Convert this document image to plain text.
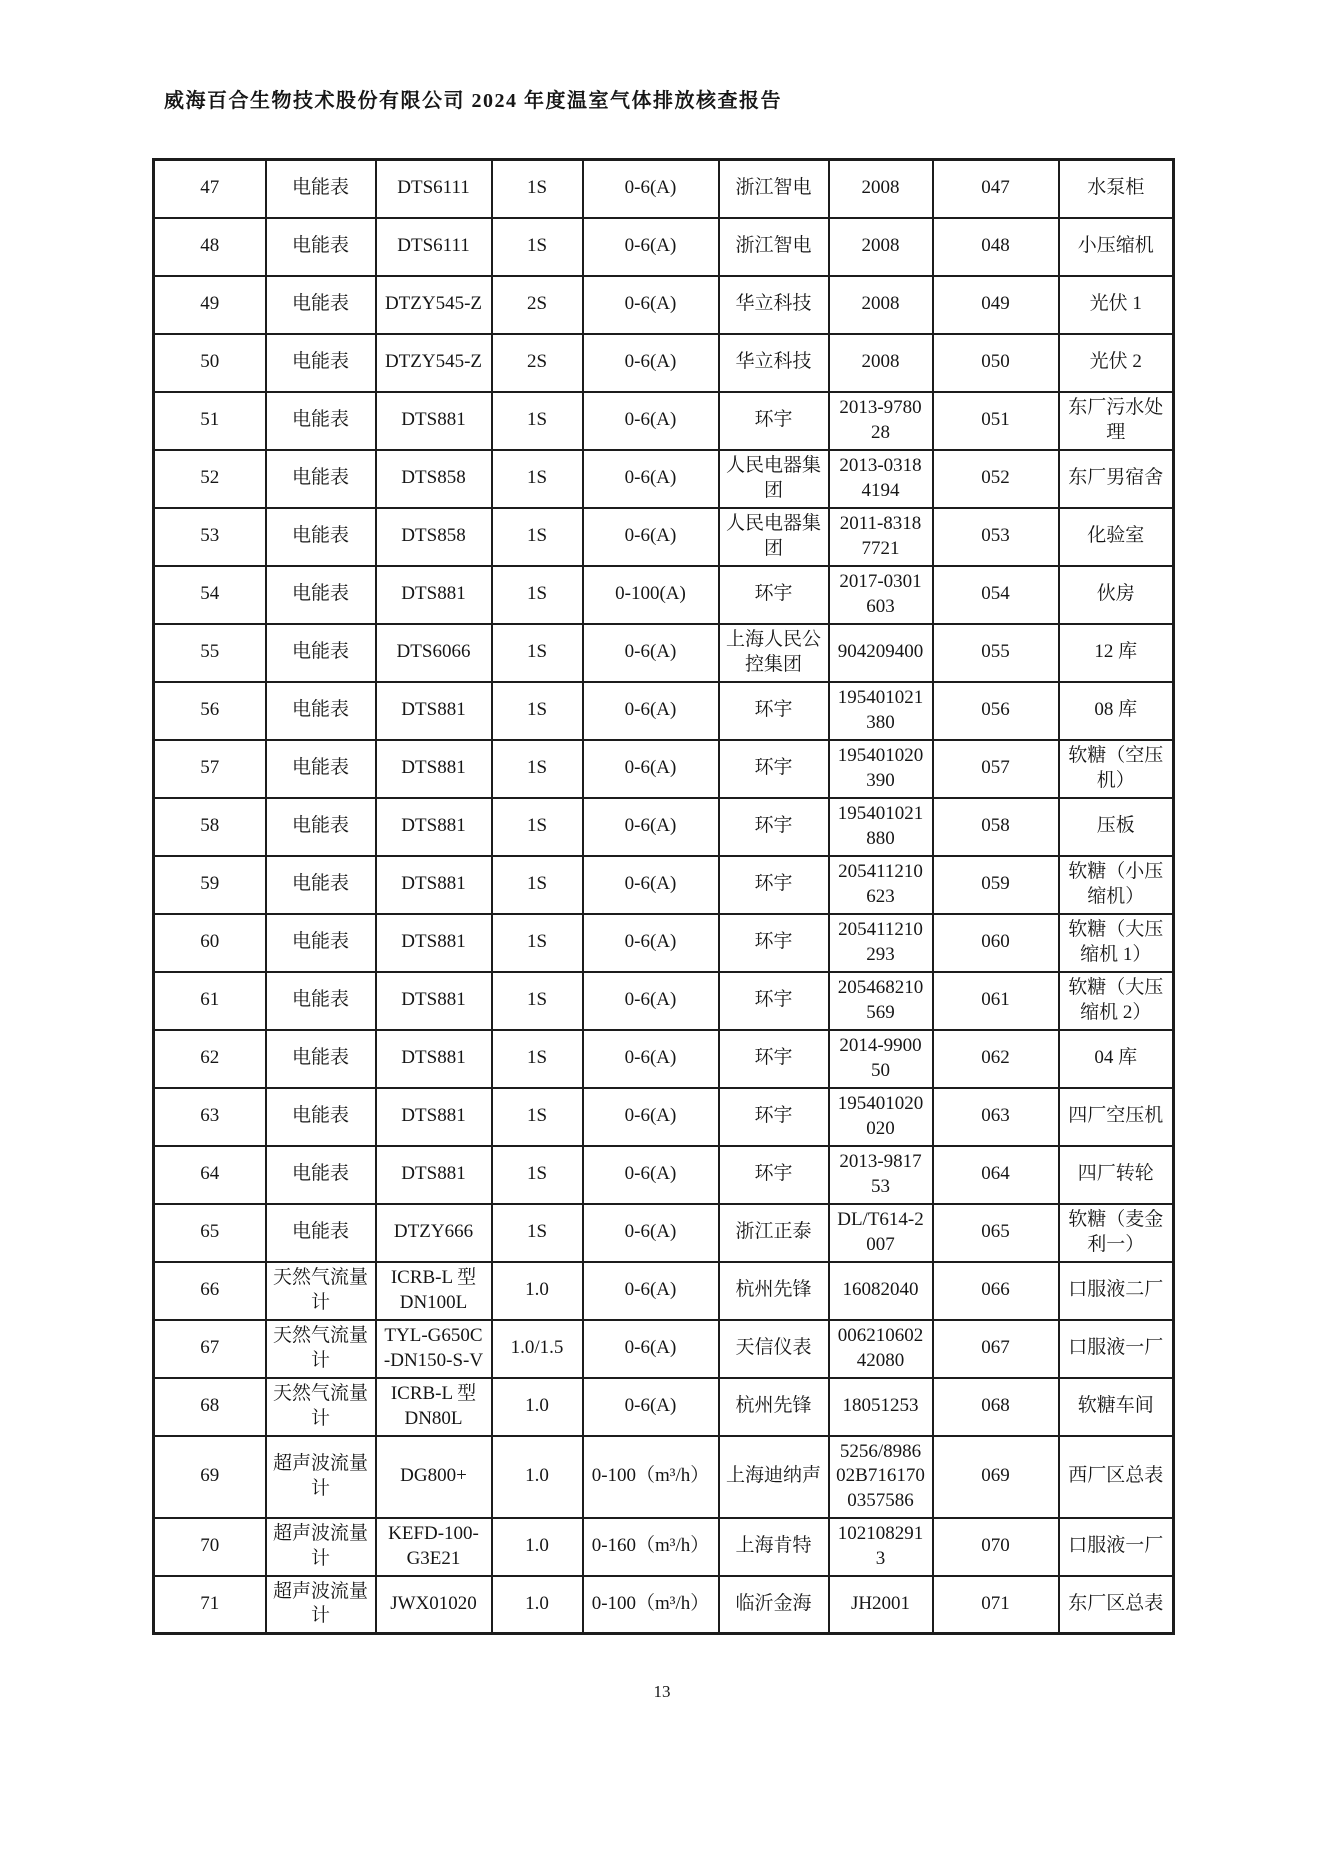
威海百合生物技术股份有限公司 2024 年度温室气体排放核查报告
47	电能表	DTS6111	1S	0-6(A)	浙江智电	2008	047	水泵柜
48	电能表	DTS6111	1S	0-6(A)	浙江智电	2008	048	小压缩机
49	电能表	DTZY545-Z	2S	0-6(A)	华立科技	2008	049	光伏 1
50	电能表	DTZY545-Z	2S	0-6(A)	华立科技	2008	050	光伏 2
51	电能表	DTS881	1S	0-6(A)	环宇	2013-978028	051	东厂污水处理
52	电能表	DTS858	1S	0-6(A)	人民电器集团	2013-03184194	052	东厂男宿舍
53	电能表	DTS858	1S	0-6(A)	人民电器集团	2011-83187721	053	化验室
54	电能表	DTS881	1S	0-100(A)	环宇	2017-0301603	054	伙房
55	电能表	DTS6066	1S	0-6(A)	上海人民公控集团	904209400	055	12 库
56	电能表	DTS881	1S	0-6(A)	环宇	195401021380	056	08 库
57	电能表	DTS881	1S	0-6(A)	环宇	195401020390	057	软糖（空压机）
58	电能表	DTS881	1S	0-6(A)	环宇	195401021880	058	压板
59	电能表	DTS881	1S	0-6(A)	环宇	205411210623	059	软糖（小压缩机）
60	电能表	DTS881	1S	0-6(A)	环宇	205411210293	060	软糖（大压缩机 1）
61	电能表	DTS881	1S	0-6(A)	环宇	205468210569	061	软糖（大压缩机 2）
62	电能表	DTS881	1S	0-6(A)	环宇	2014-990050	062	04 库
63	电能表	DTS881	1S	0-6(A)	环宇	195401020020	063	四厂空压机
64	电能表	DTS881	1S	0-6(A)	环宇	2013-981753	064	四厂转轮
65	电能表	DTZY666	1S	0-6(A)	浙江正泰	DL/T614-2007	065	软糖（麦金利一）
66	天然气流量计	ICRB-L 型 DN100L	1.0	0-6(A)	杭州先锋	16082040	066	口服液二厂
67	天然气流量计	TYL-G650C-DN150-S-V	1.0/1.5	0-6(A)	天信仪表	00621060242080	067	口服液一厂
68	天然气流量计	ICRB-L 型 DN80L	1.0	0-6(A)	杭州先锋	18051253	068	软糖车间
69	超声波流量计	DG800+	1.0	0-100（m³/h）	上海迪纳声	5256/898602B7161700357586	069	西厂区总表
70	超声波流量计	KEFD-100-G3E21	1.0	0-160（m³/h）	上海肯特	1021082913	070	口服液一厂
71	超声波流量计	JWX01020	1.0	0-100（m³/h）	临沂金海	JH2001	071	东厂区总表
13
